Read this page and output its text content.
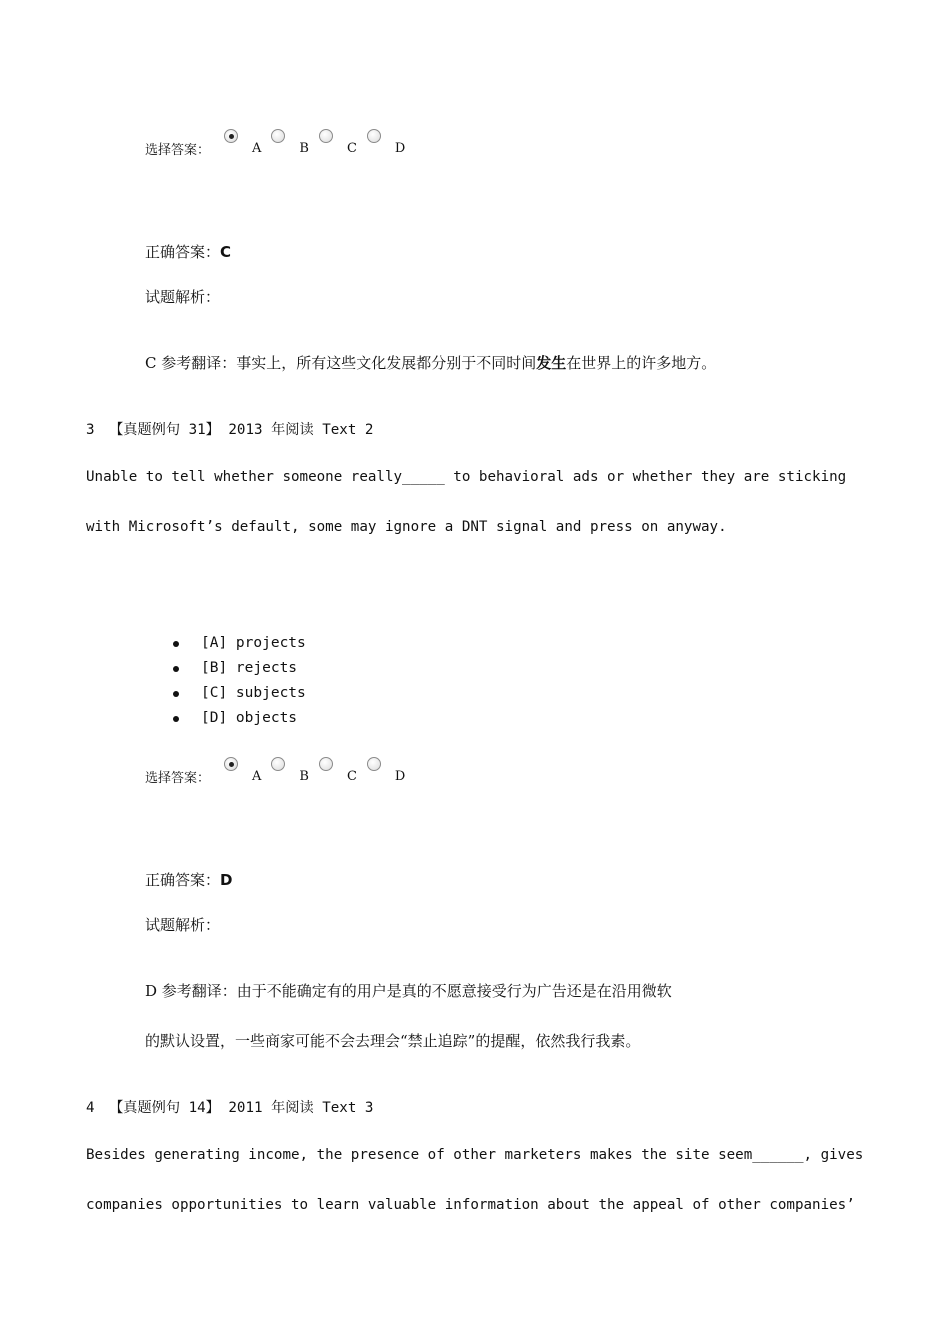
选择答案：	A	B	C	D
正确答案：C
试题解析：
C 参考翻译：事实上，所有这些文化发展都分别于不同时间发生在世界上的许多地方。
3 【真题例句 31】 2013 年阅读 Text 2
Unable to tell whether someone really_____ to behavioral ads or whether they are sticking
with Microsoft’s default, some may ignore a DNT signal and press on anyway.
[A] projects
[B] rejects
[C] subjects
[D] objects
选择答案：	A	B	C	D
正确答案：D
试题解析：
D 参考翻译：由于不能确定有的用户是真的不愿意接受行为广告还是在沿用微软
的默认设置，一些商家可能不会去理会“禁止追踪”的提醒，依然我行我素。
4 【真题例句 14】 2011 年阅读 Text 3
Besides generating income, the presence of other marketers makes the site seem______, gives
companies opportunities to learn valuable information about the appeal of other companies’
